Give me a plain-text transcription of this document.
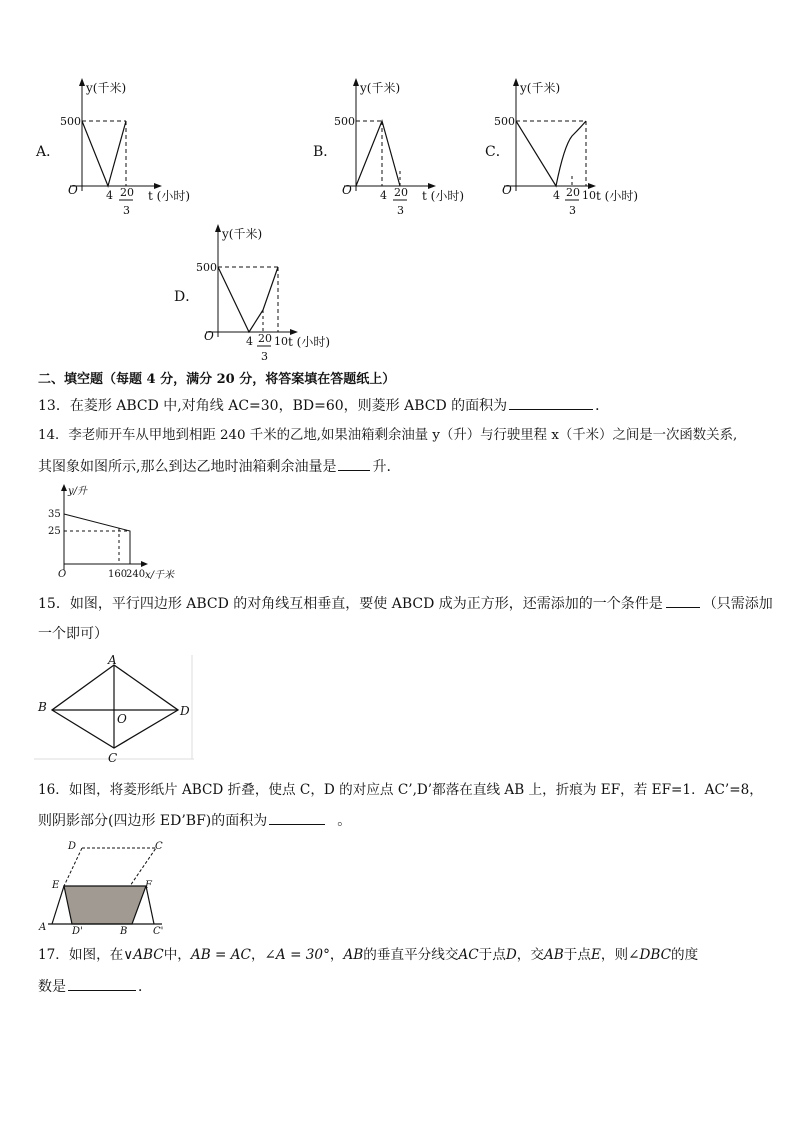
A．
y(千米)
500
O	4 20
3
t (小时)
B．
y(千米)
500
O	4 20
3
t (小时)
C．
y(千米)
500
O	4 20
3
10 t (小时)
D．
y(千米)
500
O	4 20
3
10 t (小时)
二、填空题（每题 4 分，满分 20 分，将答案填在答题纸上）
13．在菱形 ABCD 中,对角线 AC=30，BD=60，则菱形 ABCD 的面积为	．
14．李老师开车从甲地到相距 240 千米的乙地,如果油箱剩余油量 y（升）与行驶里程 x（千米）之间是一次函数关系,
其图象如图所示,那么到达乙地时油箱剩余油量是	升.
y/升
35
25
O	160
240 x/千米
15．如图，平行四边形 ABCD 的对角线互相垂直，要使 ABCD 成为正方形，还需添加的一个条件是	（只需添加
一个即可）
A
B
O
D
C
16．如图，将菱形纸片 ABCD 折叠，使点 C，D 的对应点 C’,D’都落在直线 AB 上，折痕为 EF，若 EF=1．AC’=8，
则阴影部分(四边形 ED’BF)的面积为	。
D	C
E	F
A	D'	B	C'
17．如图，在∨ABC中，AB = AC，∠A = 30°，AB的垂直平分线交AC于点D，交AB于点E，则∠DBC的度
数是	．
